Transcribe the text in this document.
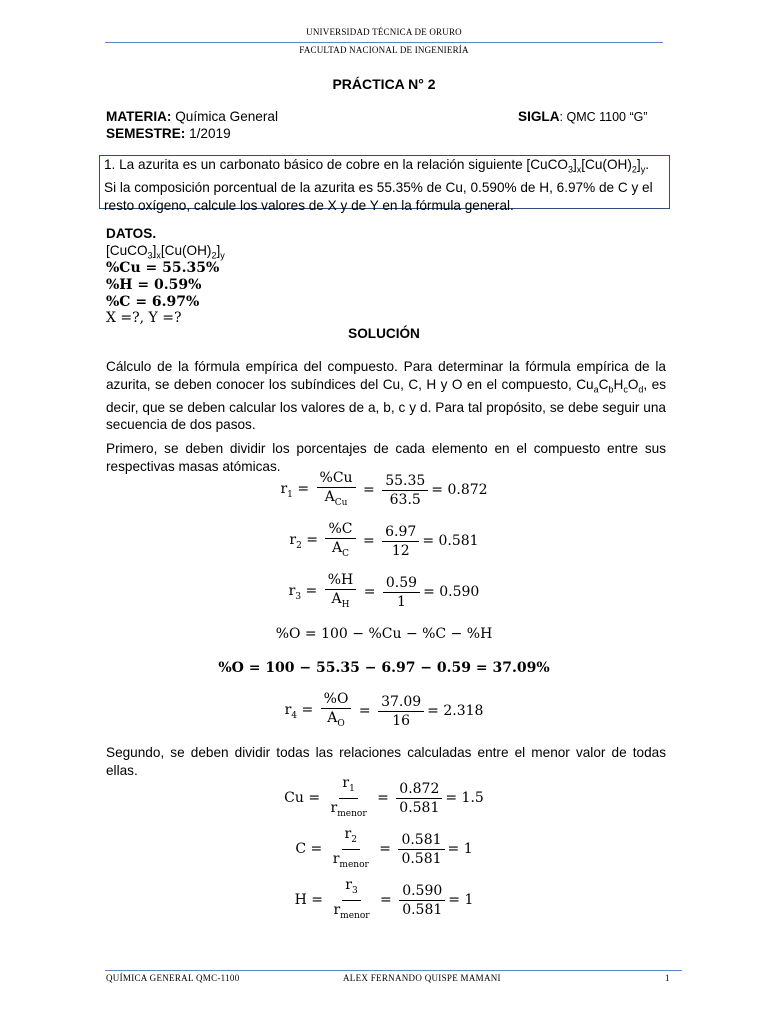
UNIVERSIDAD TÉCNICA DE ORURO
FACULTAD NACIONAL DE INGENIERÍA
PRÁCTICA N° 2
MATERIA: Química General	SIGLA: QMC 1100 “G”
SEMESTRE: 1/2019
1. La azurita es un carbonato básico de cobre en la relación siguiente $[CuCO_3]_x[Cu(OH)_2]_y$.
Si la composición porcentual de la azurita es 55.35% de Cu, 0.590% de H, 6.97% de C y el
resto oxígeno, calcule los valores de X y de Y en la fórmula general.
DATOS.
$[CuCO_3]_x[Cu(OH)_2]_y$
%Cu = 55.35%
%H = 0.59%
%C = 6.97%
X =?, Y =?
SOLUCIÓN
Cálculo de la fórmula empírica del compuesto. Para determinar la fórmula empírica de la azurita, se deben conocer los subíndices del Cu, C, H y O en el compuesto, $Cu_aC_bH_cO_d$, es decir, que se deben calcular los valores de a, b, c y d. Para tal propósito, se debe seguir una secuencia de dos pasos.
Primero, se deben dividir los porcentajes de cada elemento en el compuesto entre sus respectivas masas atómicas.
$r_1 = \frac{\%Cu}{A_{Cu}} = \frac{55.35}{63.5} = 0.872$
$r_2 = \frac{\%C}{A_C} = \frac{6.97}{12} = 0.581$
$r_3 = \frac{\%H}{A_H} = \frac{0.59}{1} = 0.590$
%O = 100 − %Cu − %C − %H
%O = 100 − 55.35 − 6.97 − 0.59 = 37.09%
$r_4 = \frac{\%O}{A_O} = \frac{37.09}{16} = 2.318$
Segundo, se deben dividir todas las relaciones calculadas entre el menor valor de todas ellas.
Cu =
$\frac{r_1}{r_{menor}} = \frac{0.872}{0.581} = 1.5$
C =
$\frac{r_2}{r_{menor}} = \frac{0.581}{0.581} = 1$
H =
$\frac{r_3}{r_{menor}} = \frac{0.590}{0.581} = 1$
QUÍMICA GENERAL QMC-1100	ALEX FERNANDO QUISPE MAMANI	1
